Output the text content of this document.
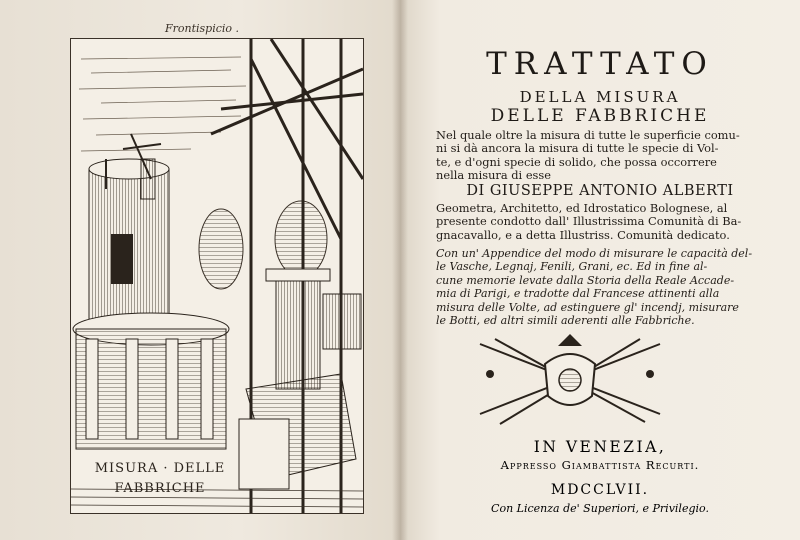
Frontispicio .
MISURA · DELLE
FABBRICHE
TRATTATO
DELLA MISURA
DELLE FABBRICHE
Nel quale oltre la misura di tutte le superficie comu-
ni si dà ancora la misura di tutte le specie di Vol-
te, e d'ogni specie di solido, che possa occorrere
nella misura di esse
DI GIUSEPPE ANTONIO ALBERTI
Geometra, Architetto, ed Idrostatico Bolognese, al
presente condotto dall' Illustrissima Comunità di Ba-
gnacavallo, e a detta Illustriss. Comunità dedicato.
Con un' Appendice del modo di misurare le capacità del-
le Vasche, Legnaj, Fenili, Grani, ec. Ed in fine al-
cune memorie levate dalla Storia della Reale Accade-
mia di Parigi, e tradotte dal Francese attinenti alla
misura delle Volte, ad estinguere gl' incendj, misurare
le Botti, ed altri simili aderenti alle Fabbriche.
IN VENEZIA,
Appresso Giambattista Recurti.
MDCCLVII.
Con Licenza de' Superiori, e Privilegio.
